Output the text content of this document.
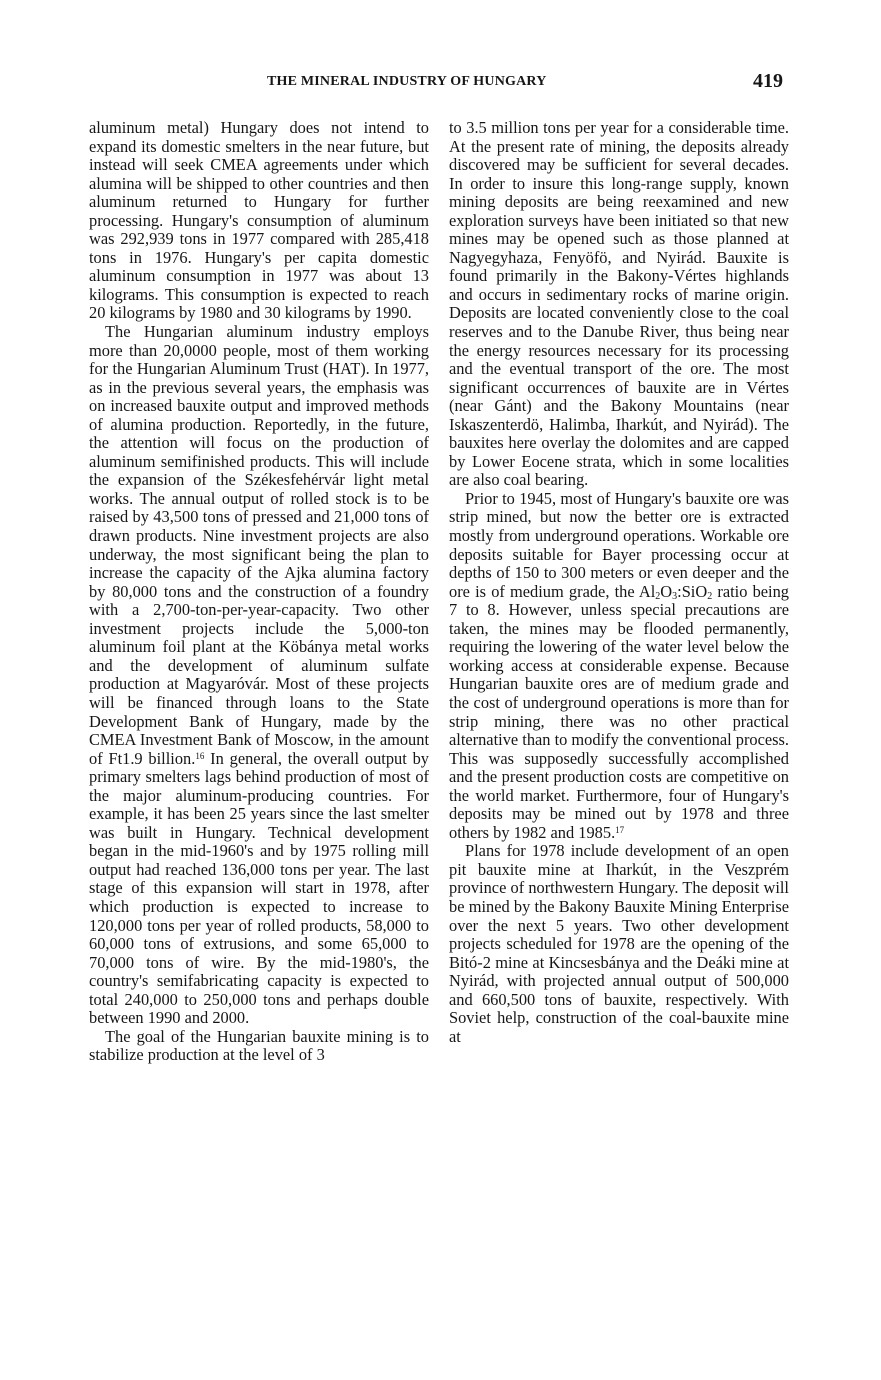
THE MINERAL INDUSTRY OF HUNGARY	419

aluminum metal) Hungary does not intend to expand its domestic smelters in the near future, but instead will seek CMEA agreements under which alumina will be shipped to other countries and then aluminum returned to Hungary for further processing. Hungary's consumption of aluminum was 292,939 tons in 1977 compared with 285,418 tons in 1976. Hungary's per capita domestic aluminum consumption in 1977 was about 13 kilograms. This consumption is expected to reach 20 kilograms by 1980 and 30 kilograms by 1990.

The Hungarian aluminum industry employs more than 20,0000 people, most of them working for the Hungarian Aluminum Trust (HAT). In 1977, as in the previous several years, the emphasis was on increased bauxite output and improved methods of alumina production. Reportedly, in the future, the attention will focus on the production of aluminum semifinished products. This will include the expansion of the Székesfehérvár light metal works. The annual output of rolled stock is to be raised by 43,500 tons of pressed and 21,000 tons of drawn products. Nine investment projects are also underway, the most significant being the plan to increase the capacity of the Ajka alumina factory by 80,000 tons and the construction of a foundry with a 2,700-ton-per-year-capacity. Two other investment projects include the 5,000-ton aluminum foil plant at the Köbánya metal works and the development of aluminum sulfate production at Magyaróvár. Most of these projects will be financed through loans to the State Development Bank of Hungary, made by the CMEA Investment Bank of Moscow, in the amount of Ft1.9 billion.$^{16}$ In general, the overall output by primary smelters lags behind production of most of the major aluminum-producing countries. For example, it has been 25 years since the last smelter was built in Hungary. Technical development began in the mid-1960's and by 1975 rolling mill output had reached 136,000 tons per year. The last stage of this expansion will start in 1978, after which production is expected to increase to 120,000 tons per year of rolled products, 58,000 to 60,000 tons of extrusions, and some 65,000 to 70,000 tons of wire. By the mid-1980's, the country's semifabricating capacity is expected to total 240,000 to 250,000 tons and perhaps double between 1990 and 2000.

The goal of the Hungarian bauxite mining is to stabilize production at the level of 3

to 3.5 million tons per year for a considerable time. At the present rate of mining, the deposits already discovered may be sufficient for several decades. In order to insure this long-range supply, known mining deposits are being reexamined and new exploration surveys have been initiated so that new mines may be opened such as those planned at Nagyegyhaza, Fenyöfö, and Nyirád. Bauxite is found primarily in the Bakony-Vértes highlands and occurs in sedimentary rocks of marine origin. Deposits are located conveniently close to the coal reserves and to the Danube River, thus being near the energy resources necessary for its processing and the eventual transport of the ore. The most significant occurrences of bauxite are in Vértes (near Gánt) and the Bakony Mountains (near Iskaszenterdö, Halimba, Iharkút, and Nyirád). The bauxites here overlay the dolomites and are capped by Lower Eocene strata, which in some localities are also coal bearing.

Prior to 1945, most of Hungary's bauxite ore was strip mined, but now the better ore is extracted mostly from underground operations. Workable ore deposits suitable for Bayer processing occur at depths of 150 to 300 meters or even deeper and the ore is of medium grade, the $Al_2O_3:SiO_2$ ratio being 7 to 8. However, unless special precautions are taken, the mines may be flooded permanently, requiring the lowering of the water level below the working access at considerable expense. Because Hungarian bauxite ores are of medium grade and the cost of underground operations is more than for strip mining, there was no other practical alternative than to modify the conventional process. This was supposedly successfully accomplished and the present production costs are competitive on the world market. Furthermore, four of Hungary's deposits may be mined out by 1978 and three others by 1982 and 1985.17

Plans for 1978 include development of an open pit bauxite mine at Iharkút, in the Veszprém province of northwestern Hungary. The deposit will be mined by the Bakony Bauxite Mining Enterprise over the next 5 years. Two other development projects scheduled for 1978 are the opening of the Bitó-2 mine at Kincsesbánya and the Deáki mine at Nyirád, with projected annual output of 500,000 and 660,500 tons of bauxite, respectively. With Soviet help, construction of the coal-bauxite mine at
